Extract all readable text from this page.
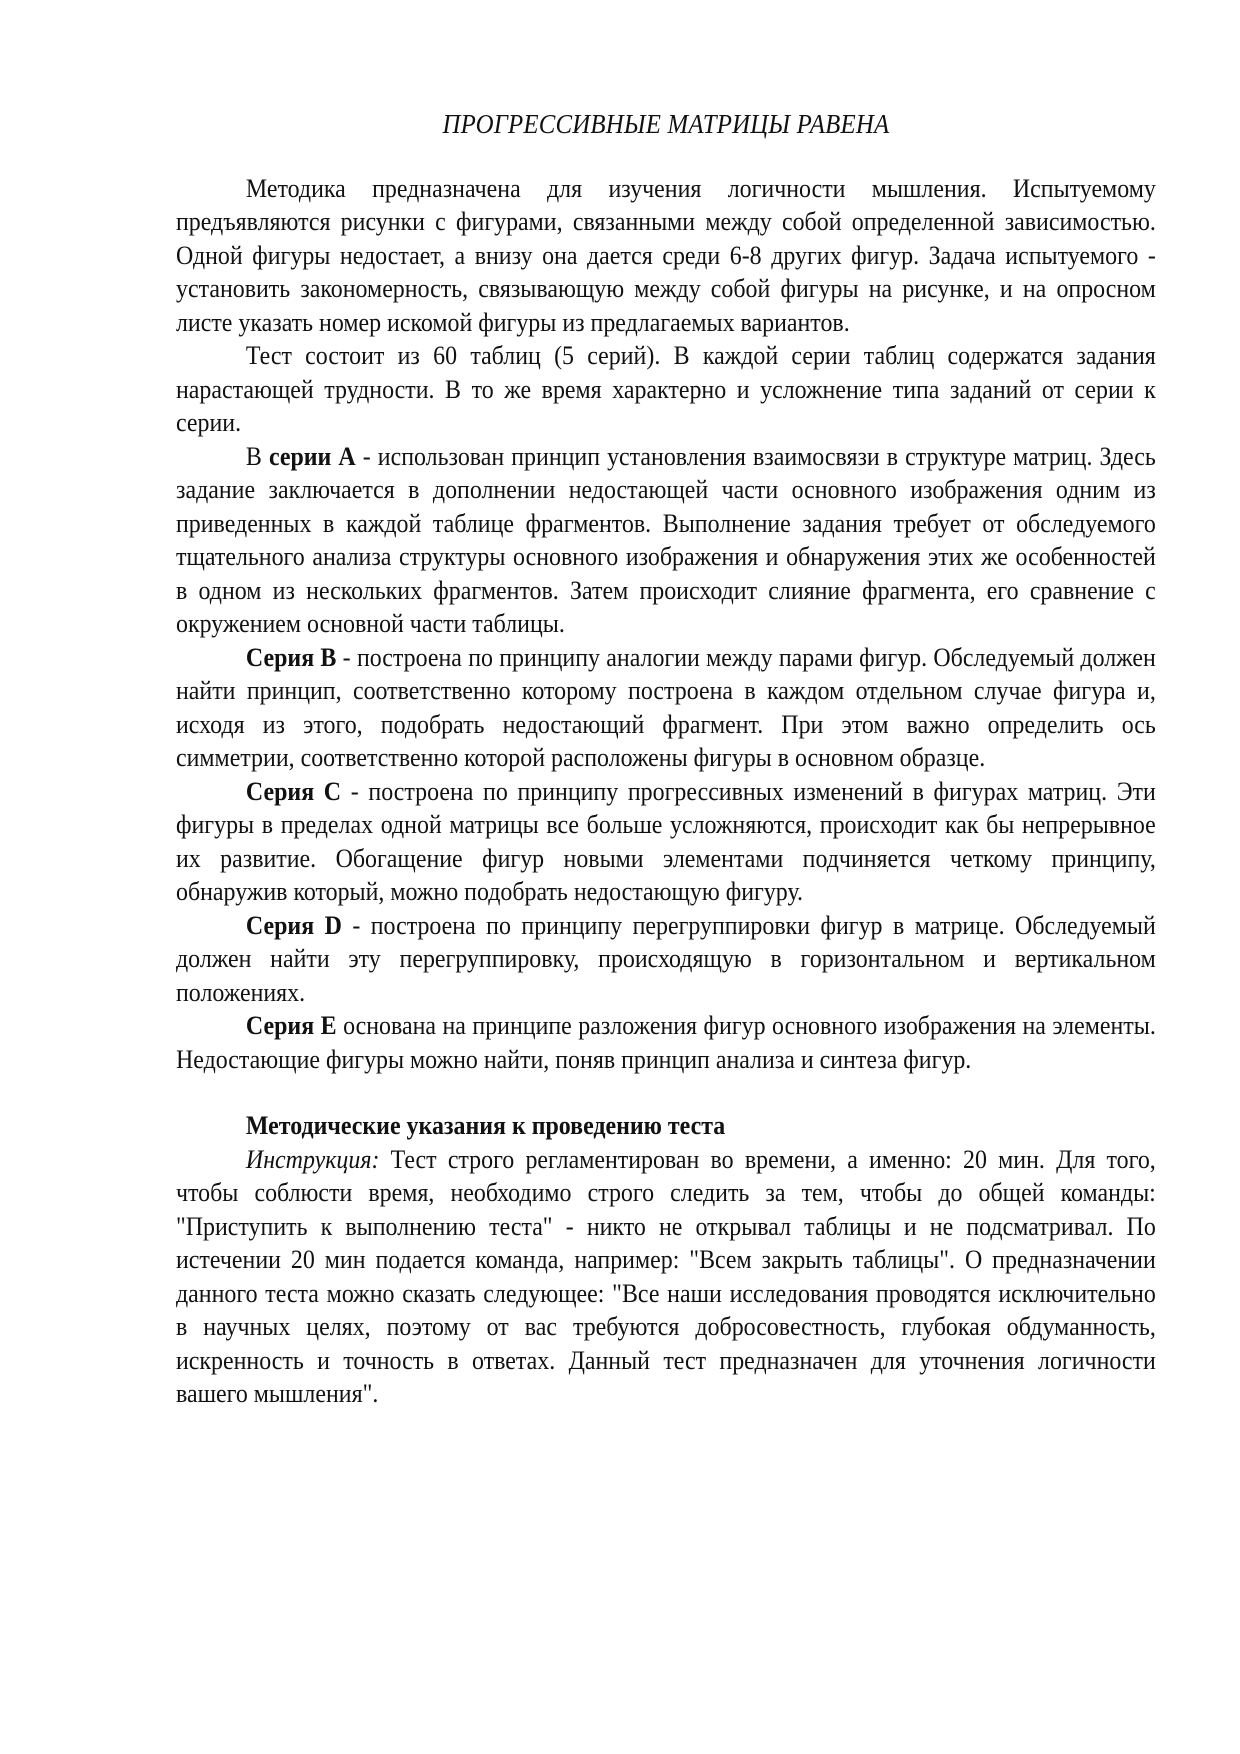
ПРОГРЕССИВНЫЕ МАТРИЦЫ РАВЕНА

Методика предназначена для изучения логичности мышления. Испытуемому предъявляются рисунки с фигурами, связанными между собой определенной зависимостью. Одной фигуры недостает, а внизу она дается среди 6-8 других фигур. Задача испытуемого - установить закономерность, связывающую между собой фигуры на рисунке, и на опросном листе указать номер искомой фигуры из предлагаемых вариантов.

Тест состоит из 60 таблиц (5 серий). В каждой серии таблиц содержатся задания нарастающей трудности. В то же время характерно и усложнение типа заданий от серии к серии.

В серии А - использован принцип установления взаимосвязи в структуре матриц. Здесь задание заключается в дополнении недостающей части основного изображения одним из приведенных в каждой таблице фрагментов. Выполнение задания требует от обследуемого тщательного анализа структуры основного изображения и обнаружения этих же особенностей в одном из нескольких фрагментов. Затем происходит слияние фрагмента, его сравнение с окружением основной части таблицы.

Серия В - построена по принципу аналогии между парами фигур. Обследуемый должен найти принцип, соответственно которому построена в каждом отдельном случае фигура и, исходя из этого, подобрать недостающий фрагмент. При этом важно определить ось симметрии, соответственно которой расположены фигуры в основном образце.

Серия С - построена по принципу прогрессивных изменений в фигурах матриц. Эти фигуры в пределах одной матрицы все больше усложняются, происходит как бы непрерывное их развитие. Обогащение фигур новыми элементами подчиняется четкому принципу, обнаружив который, можно подобрать недостающую фигуру.

Серия D - построена по принципу перегруппировки фигур в матрице. Обследуемый должен найти эту перегруппировку, происходящую в горизонтальном и вертикальном положениях.

Серия Е основана на принципе разложения фигур основного изображения на элементы. Недостающие фигуры можно найти, поняв принцип анализа и синтеза фигур.

Методические указания к проведению теста

Инструкция: Тест строго регламентирован во времени, а именно: 20 мин. Для того, чтобы соблюсти время, необходимо строго следить за тем, чтобы до общей команды: "Приступить к выполнению теста" - никто не открывал таблицы и не подсматривал. По истечении 20 мин подается команда, например: "Всем закрыть таблицы". О предназначении данного теста можно сказать следующее: "Все наши исследования проводятся исключительно в научных целях, поэтому от вас требуются добросовестность, глубокая обдуманность, искренность и точность в ответах. Данный тест предназначен для уточнения логичности вашего мышления".
